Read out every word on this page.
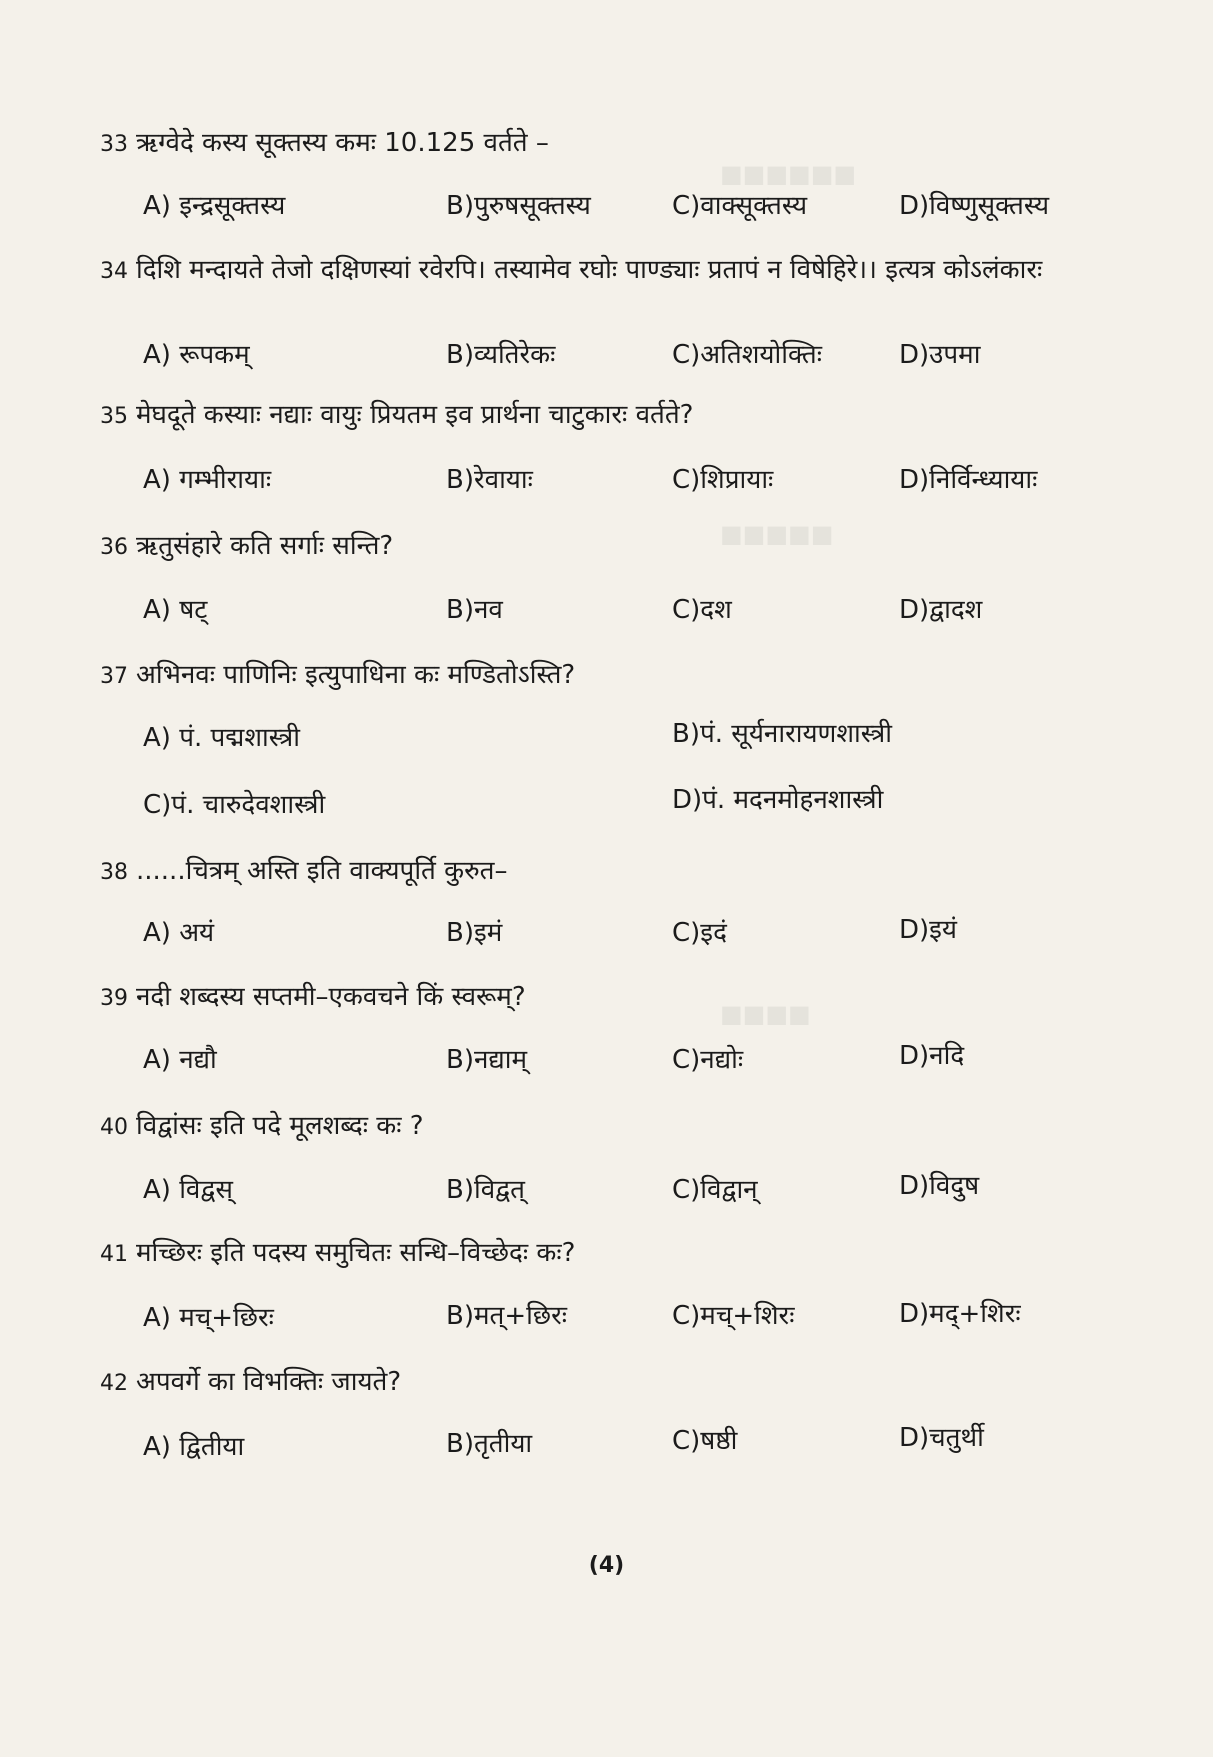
■■■■■■
■■■■■
■■■■
33 ऋग्वेदे कस्य सूक्तस्य कमः 10.125 वर्तते –
A) इन्द्रसूक्तस्य	B)पुरुषसूक्तस्य	C)वाक्सूक्तस्य	D)विष्णुसूक्तस्य
34 दिशि मन्दायते तेजो दक्षिणस्यां रवेरपि। तस्यामेव रघोः पाण्ड्याः प्रतापं न विषेहिरे।। इत्यत्र कोऽलंकारः
A) रूपकम्	B)व्यतिरेकः	C)अतिशयोक्तिः	D)उपमा
35 मेघदूते कस्याः नद्याः वायुः प्रियतम इव प्रार्थना चाटुकारः वर्तते?
A) गम्भीरायाः	B)रेवायाः	C)शिप्रायाः	D)निर्विन्ध्यायाः
36 ऋतुसंहारे कति सर्गाः सन्ति?
A) षट्	B)नव	C)दश	D)द्वादश
37 अभिनवः पाणिनिः इत्युपाधिना कः मण्डितोऽस्ति?
A) पं. पद्मशास्त्री	B)पं. सूर्यनारायणशास्त्री
C)पं. चारुदेवशास्त्री	D)पं. मदनमोहनशास्त्री
38 ......चित्रम् अस्ति इति वाक्यपूर्ति कुरुत–
A) अयं	B)इमं	C)इदं	D)इयं
39 नदी शब्दस्य सप्तमी–एकवचने किं स्वरूम्?
A) नद्यौ	B)नद्याम्	C)नद्योः	D)नदि
40 विद्वांसः इति पदे मूलशब्दः कः ?
A) विद्वस्	B)विद्वत्	C)विद्वान्	D)विदुष
41 मच्छिरः इति पदस्य समुचितः सन्धि–विच्छेदः कः?
A) मच्+छिरः	B)मत्+छिरः	C)मच्+शिरः	D)मद्+शिरः
42 अपवर्गे का विभक्तिः जायते?
A) द्वितीया	B)तृतीया	C)षष्ठी	D)चतुर्थी
(4)
